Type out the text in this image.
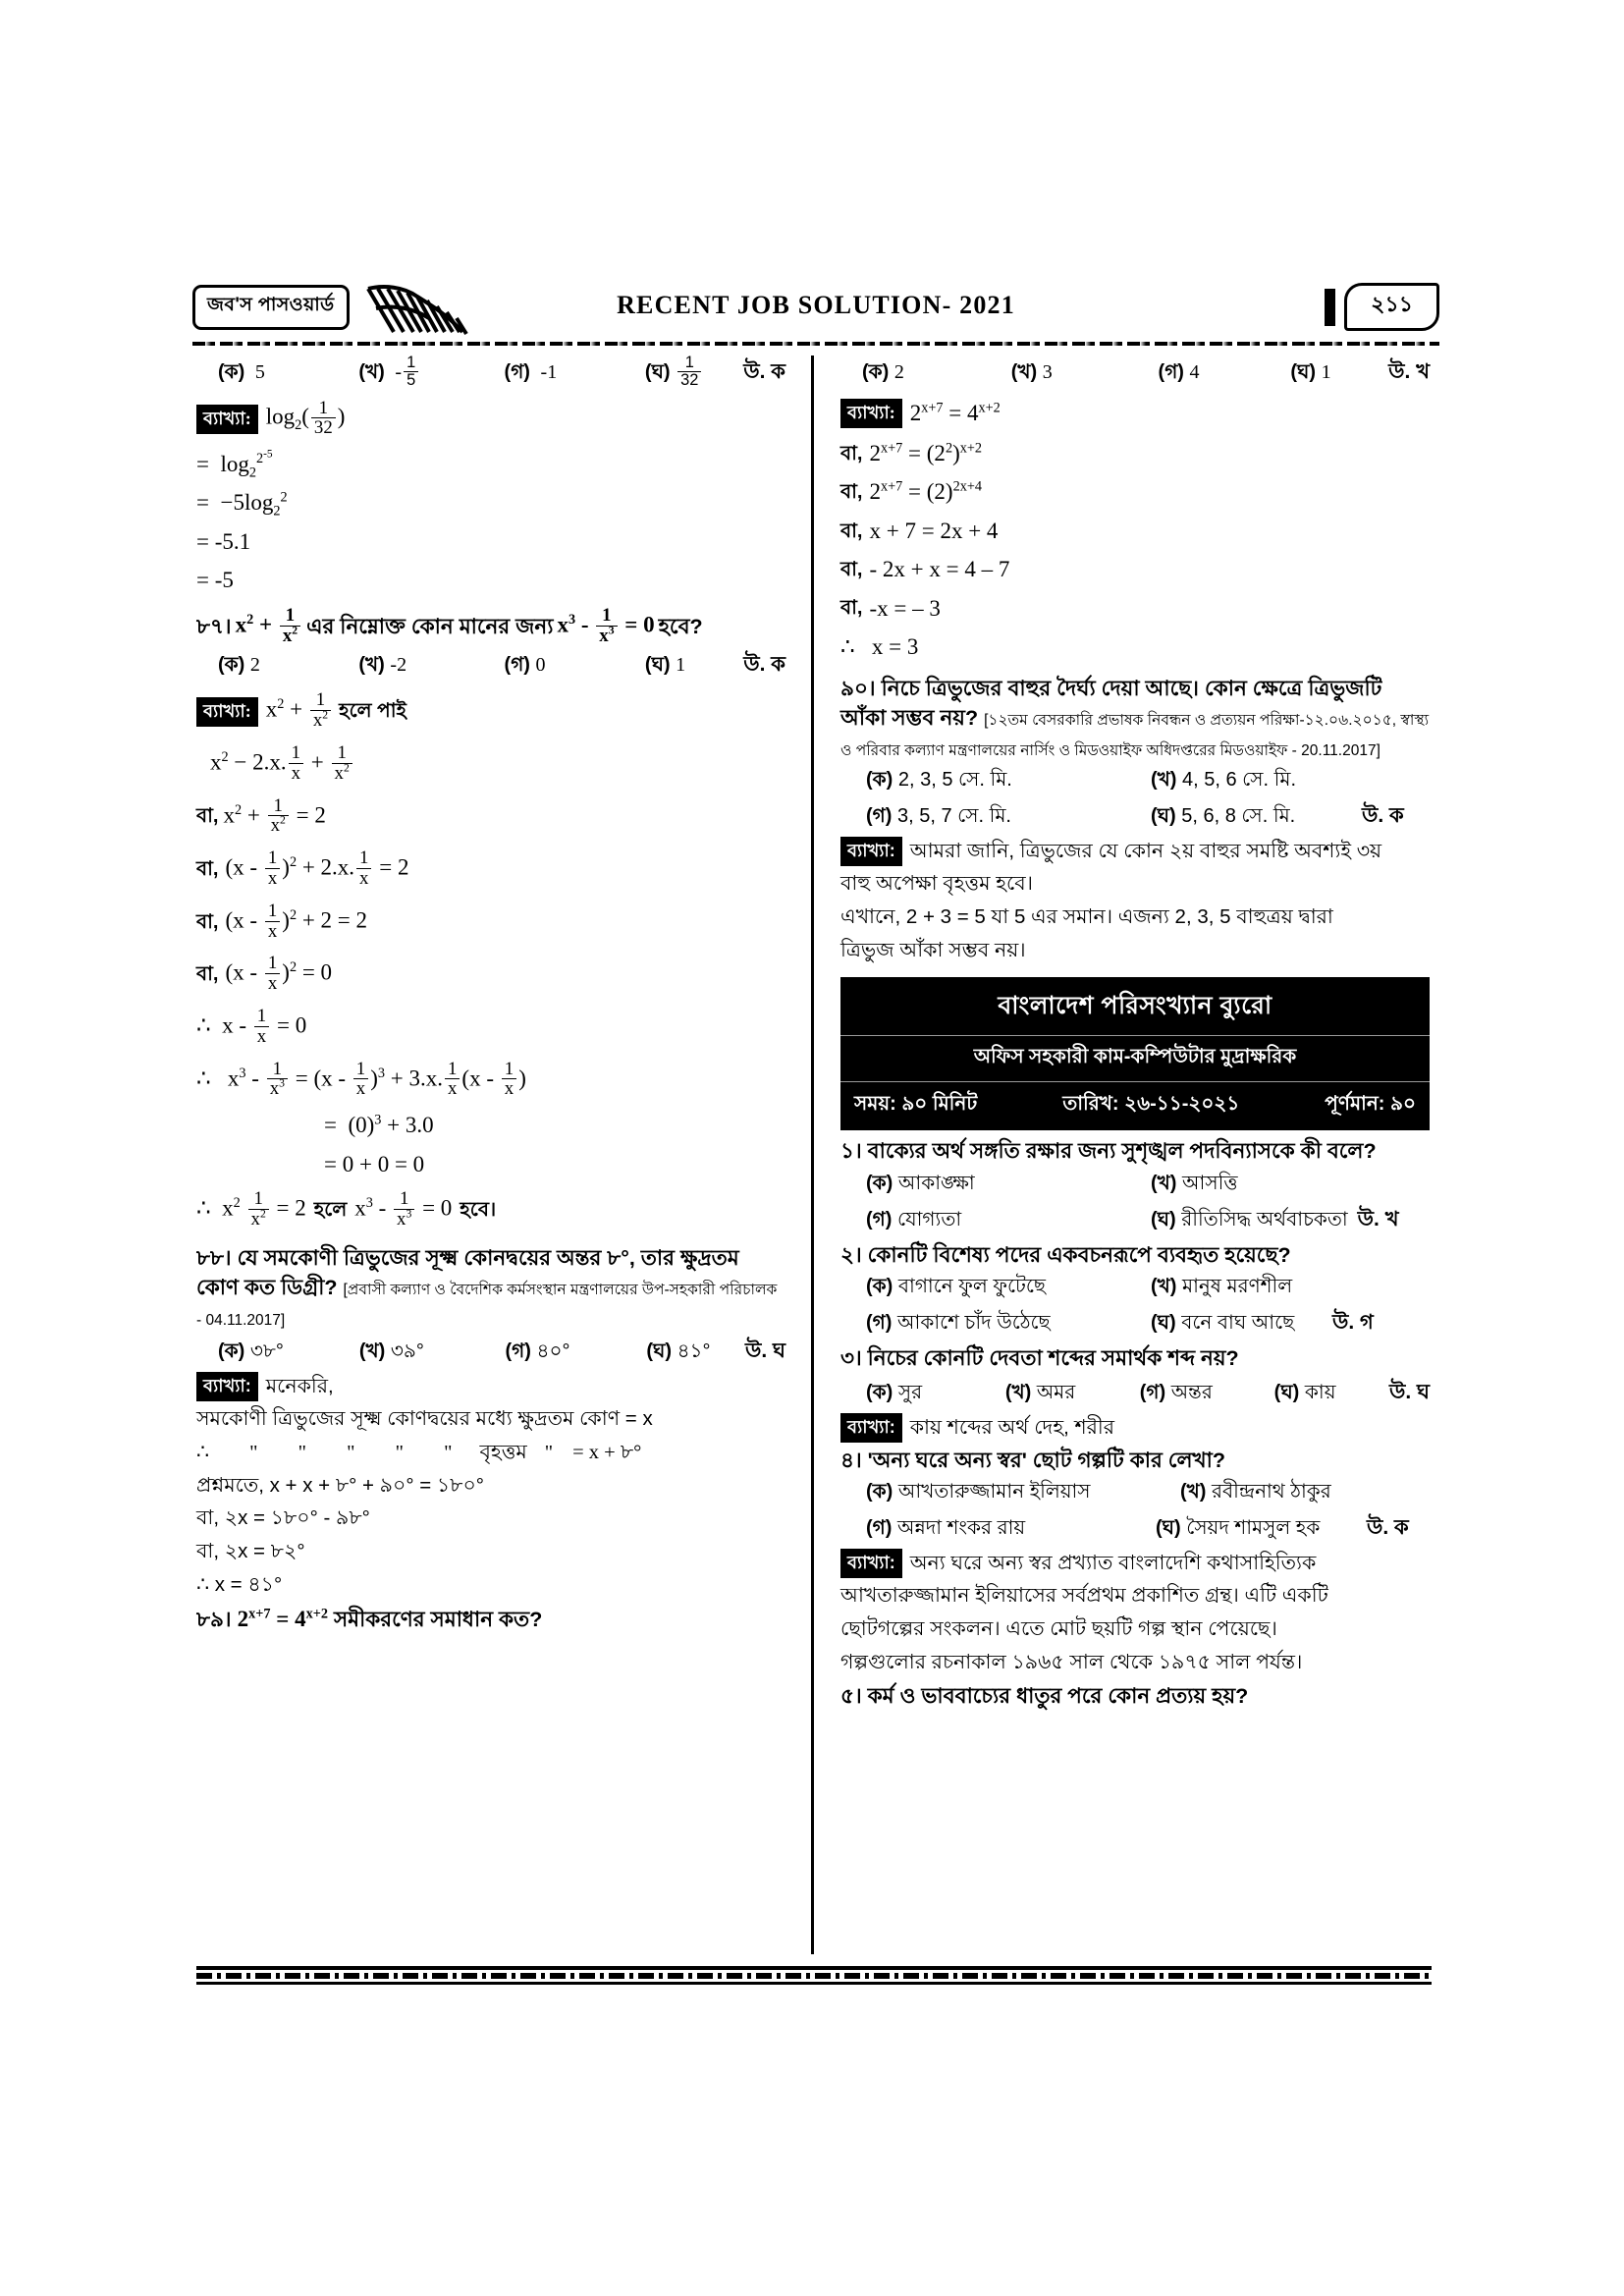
জব'স পাসওয়ার্ড	RECENT JOB SOLUTION- 2021	২১১
(ক)  5	(খ)  - $\frac{1}{5}$	(গ)  -1	(ঘ) $\frac{1}{32}$ উ. ক
ব্যাখ্যা: $\log_2( \frac{1}{32}$ )
=  $\log_2^{2^{-5}}$
=  $-5\log_2^2$
= -5.1
= -5
৮৭। $x^2 + \frac{1}{x^2}$ এর নিম্নোক্ত কোন মানের জন্য $x^3 - \frac{1}{x^3} = 0$ হবে?
(ক) 2	(খ) -2	(গ) 0	(ঘ) 1	উ. ক
ব্যাখ্যা: $x^2 + \frac{1}{x^2}$ হলে পাই
$x^2 - 2.x$. $\frac{1}{x} + \frac{1}{x^2}$
বা, $x^2 + \frac{1}{x^2} = 2$
বা, $(x - \frac{1}{x} )^2 + 2.x$. $\frac{1}{x} = 2$
বা, $(x - \frac{1}{x} )^2 + 2 = 2$
বা, $(x - \frac{1}{x} )^2 = 0$
∴  $x - \frac{1}{x} = 0$
∴   $x^3 - \frac{1}{x^3} = (x - \frac{1}{x} )^3 + 3.x$. $\frac{1}{x} (x - \frac{1}{x}$ )
=  $(0)^3 + 3.0$
= 0 + 0 = 0
∴  $x^2 \frac{1}{x^2} = 2$ হলে $x^3 - \frac{1}{x^3} = 0$ হবে।
৮৮। যে সমকোণী ত্রিভুজের সূক্ষ্ম কোনদ্বয়ের অন্তর ৮°, তার ক্ষুদ্রতম কোণ কত ডিগ্রী? [প্রবাসী কল্যাণ ও বৈদেশিক কর্মসংস্থান মন্ত্রণালয়ের উপ-সহকারী পরিচালক - 04.11.2017]
(ক) ৩৮°	(খ) ৩৯°	(গ) ৪০°	(ঘ) ৪১°	উ. ঘ
ব্যাখ্যা: মনেকরি,
সমকোণী ত্রিভুজের সূক্ষ্ম কোণদ্বয়ের মধ্যে ক্ষুদ্রতম কোণ = x
∴ " " " " " বৃহত্তম " = x + ৮°
প্রশ্নমতে, x + x + ৮° + ৯০° = ১৮০°
বা, ২x = ১৮০° - ৯৮°
বা, ২x = ৮২°
∴ x = ৪১°
৮৯। $2^{x+7} = 4^{x+2}$ সমীকরণের সমাধান কত?
(ক) 2	(খ) 3	(গ) 4	(ঘ) 1	উ. খ
ব্যাখ্যা: $2^{x+7} = 4^{x+2}$
বা, $2^{x+7} = (2^2)^{x+2}$
বা, $2^{x+7} = (2)^{2x+4}$
বা, x + 7 = 2x + 4
বা, - 2x + x = 4 – 7
বা, -x = – 3
∴   x = 3
৯০। নিচে ত্রিভুজের বাহুর দৈর্ঘ্য দেয়া আছে। কোন ক্ষেত্রে ত্রিভুজটি আঁকা সম্ভব নয়? [১২তম বেসরকারি প্রভাষক নিবন্ধন ও প্রত্যয়ন পরিক্ষা-১২.০৬.২০১৫, স্বাস্থ্য ও পরিবার কল্যাণ মন্ত্রণালয়ের নার্সিং ও মিডওয়াইফ অধিদপ্তরের মিডওয়াইফ - 20.11.2017]
(ক) 2, 3, 5 সে. মি.	(খ) 4, 5, 6 সে. মি.
(গ) 3, 5, 7 সে. মি.	(ঘ) 5, 6, 8 সে. মি.	উ. ক
ব্যাখ্যা: আমরা জানি, ত্রিভুজের যে কোন ২য় বাহুর সমষ্টি অবশ্যই ৩য়
বাহু অপেক্ষা বৃহত্তম হবে।
এখানে, 2 + 3 = 5 যা 5 এর সমান। এজন্য 2, 3, 5 বাহুত্রয় দ্বারা
ত্রিভুজ আঁকা সম্ভব নয়।
বাংলাদেশ পরিসংখ্যান ব্যুরো
অফিস সহকারী কাম-কম্পিউটার মুদ্রাক্ষরিক
সময়: ৯০ মিনিট	তারিখ: ২৬-১১-২০২১	পূর্ণমান: ৯০
১। বাক্যের অর্থ সঙ্গতি রক্ষার জন্য সুশৃঙ্খল পদবিন্যাসকে কী বলে?
(ক) আকাঙ্ক্ষা	(খ) আসত্তি
(গ) যোগ্যতা	(ঘ) রীতিসিদ্ধ অর্থবাচকতা উ. খ
২। কোনটি বিশেষ্য পদের একবচনরূপে ব্যবহৃত হয়েছে?
(ক) বাগানে ফুল ফুটেছে	(খ) মানুষ মরণশীল
(গ) আকাশে চাঁদ উঠেছে	(ঘ) বনে বাঘ আছে	উ. গ
৩। নিচের কোনটি দেবতা শব্দের সমার্থক শব্দ নয়?
(ক) সুর	(খ) অমর	(গ) অন্তর	(ঘ) কায়	উ. ঘ
ব্যাখ্যা: কায় শব্দের অর্থ দেহ, শরীর
৪। 'অন্য ঘরে অন্য স্বর' ছোট গল্পটি কার লেখা?
(ক) আখতারুজ্জামান ইলিয়াস	(খ) রবীন্দ্রনাথ ঠাকুর
(গ) অন্নদা শংকর রায়	(ঘ) সৈয়দ শামসুল হক	উ. ক
ব্যাখ্যা: অন্য ঘরে অন্য স্বর প্রখ্যাত বাংলাদেশি কথাসাহিত্যিক
আখতারুজ্জামান ইলিয়াসের সর্বপ্রথম প্রকাশিত গ্রন্থ। এটি একটি
ছোটগল্পের সংকলন। এতে মোট ছয়টি গল্প স্থান পেয়েছে।
গল্পগুলোর রচনাকাল ১৯৬৫ সাল থেকে ১৯৭৫ সাল পর্যন্ত।
৫। কর্ম ও ভাববাচ্যের ধাতুর পরে কোন প্রত্যয় হয়?
